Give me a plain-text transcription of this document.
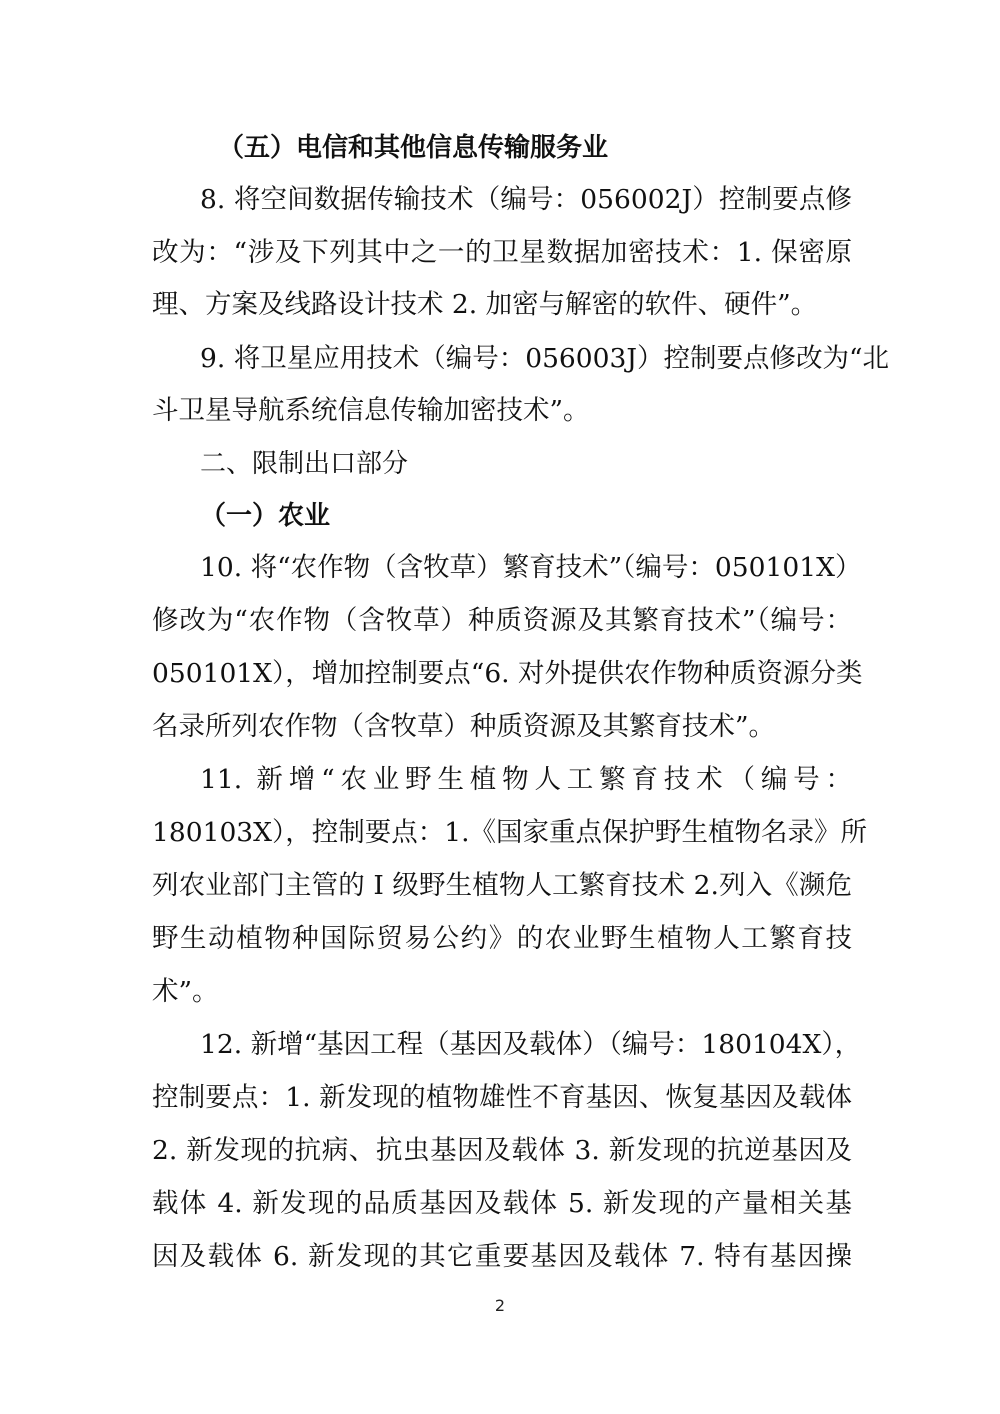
（五）电信和其他信息传输服务业
8. 将空间数据传输技术（编号：056002J）控制要点修
改为：“涉及下列其中之一的卫星数据加密技术：1. 保密原
理、方案及线路设计技术 2. 加密与解密的软件、硬件”。
9. 将卫星应用技术（编号：056003J）控制要点修改为“北
斗卫星导航系统信息传输加密技术”。
二、限制出口部分
（一）农业
10. 将“农作物（含牧草）繁育技术”（编号：050101X）
修改为“农作物（含牧草）种质资源及其繁育技术”（编号：
050101X），增加控制要点“6. 对外提供农作物种质资源分类
名录所列农作物（含牧草）种质资源及其繁育技术”。
11. 新增“农业野生植物人工繁育技术（编号：
180103X），控制要点：1.《国家重点保护野生植物名录》所
列农业部门主管的 I 级野生植物人工繁育技术 2.列入《濒危
野生动植物种国际贸易公约》的农业野生植物人工繁育技
术”。
12. 新增“基因工程（基因及载体）（编号：180104X），
控制要点：1. 新发现的植物雄性不育基因、恢复基因及载体
2. 新发现的抗病、抗虫基因及载体 3. 新发现的抗逆基因及
载体 4. 新发现的品质基因及载体 5. 新发现的产量相关基
因及载体 6. 新发现的其它重要基因及载体 7. 特有基因操
2
